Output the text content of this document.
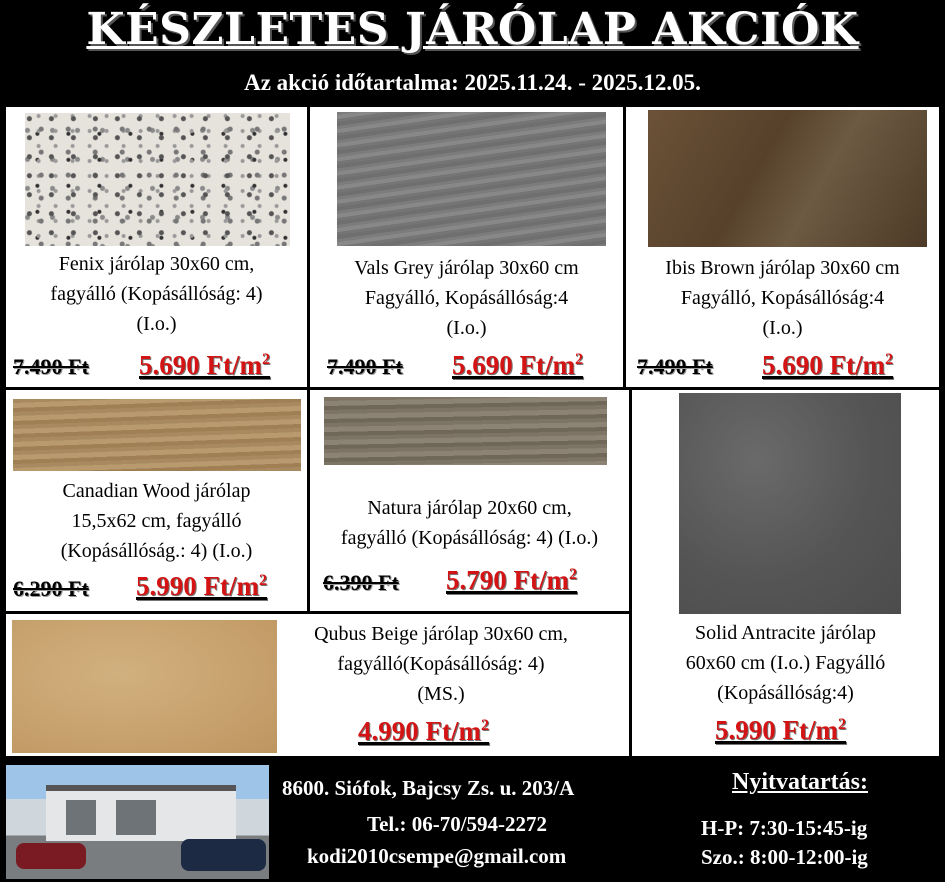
KÉSZLETES JÁRÓLAP AKCIÓK
Az akció időtartalma: 2025.11.24. - 2025.12.05.
Fenix járólap 30x60 cm,
fagyálló (Kopásállóság: 4)
(I.o.)
7.490 Ft 5.690 $Ft/m^2$
Vals Grey járólap 30x60 cm
Fagyálló, Kopásállóság:4
(I.o.)
7.490 Ft 5.690 $Ft/m^2$
Ibis Brown járólap 30x60 cm
Fagyálló, Kopásállóság:4
(I.o.)
7.490 Ft 5.690 $Ft/m^2$
Canadian Wood járólap
15,5x62 cm, fagyálló
(Kopásállóság.: 4) (I.o.)
6.290 Ft 5.990 $Ft/m^2$
Natura járólap 20x60 cm,
fagyálló (Kopásállóság: 4) (I.o.)
6.390 Ft 5.790 $Ft/m^2$
Solid Antracite járólap
60x60 cm (I.o.) Fagyálló
(Kopásállóság:4)
5.990 $Ft/m^2$
Qubus Beige járólap 30x60 cm,
fagyálló(Kopásállóság: 4)
(MS.)
4.990 $Ft/m^2$
8600. Siófok, Bajcsy Zs. u. 203/A
Tel.: 06-70/594-2272
kodi2010csempe@gmail.com
Nyitvatartás:
H-P: 7:30-15:45-ig
Szo.: 8:00-12:00-ig
